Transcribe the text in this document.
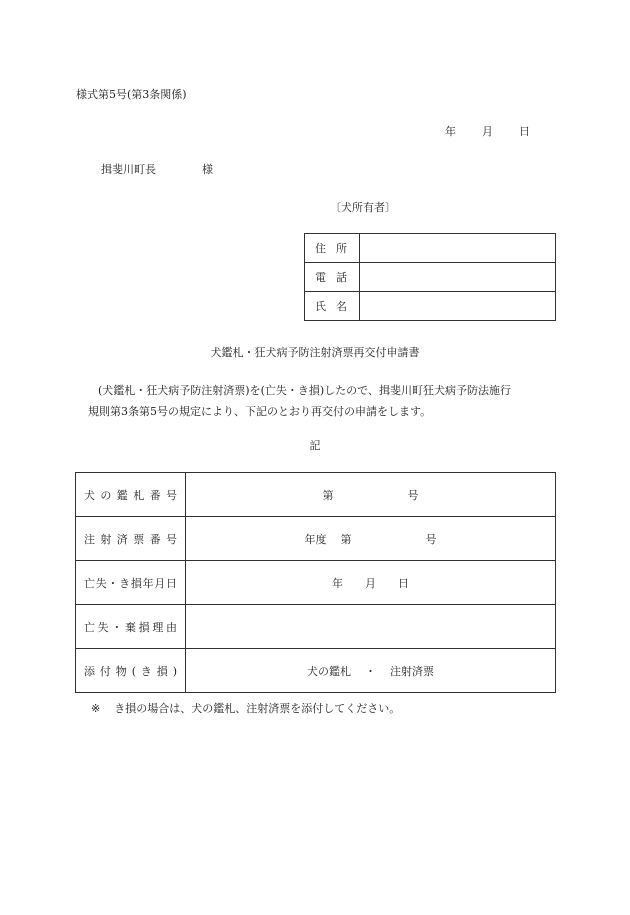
様式第5号(第3条関係)
年 月 日
揖斐川町長	様
〔犬所有者〕
住所	
電話	
氏名	
犬鑑札・狂犬病予防注射済票再交付申請書
(犬鑑札・狂犬病予防注射済票)を(亡失・き損)したので、揖斐川町狂犬病予防法施行
規則第3条第5号の規定により、下記のとおり再交付の申請をします。
記
犬の鑑札番号	第 号
注射済票番号	年度 第 号
亡失・き損年月日	年 月 日
亡失・棄損理由	
添付物(き損)	犬の鑑札 ・ 注射済票
※ き損の場合は、犬の鑑札、注射済票を添付してください。
